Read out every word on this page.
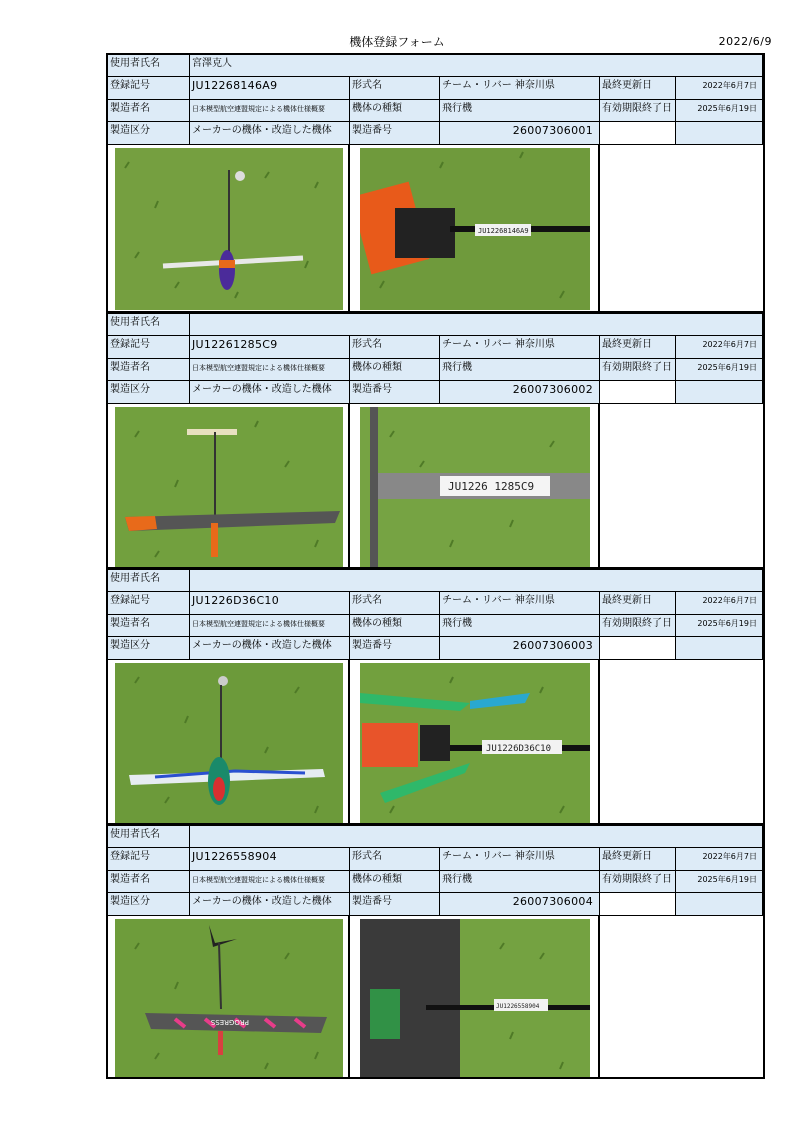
機体登録フォーム	2022/6/9
使用者氏名	宮澤克人
登録記号	JU12268146A9	形式名	チーム・リバー 神奈川県	最終更新日	2022年6月7日
製造者名	日本模型航空連盟規定による機体仕様概要	機体の種類	飛行機	有効期限終了日	2025年6月19日
製造区分	メーカーの機体・改造した機体	製造番号	26007306001
JU12268146A9
使用者氏名
登録記号	JU12261285C9	形式名	チーム・リバー 神奈川県	最終更新日	2022年6月7日
製造者名	日本模型航空連盟規定による機体仕様概要	機体の種類	飛行機	有効期限終了日	2025年6月19日
製造区分	メーカーの機体・改造した機体	製造番号	26007306002
JU1226 1285C9
使用者氏名
登録記号	JU1226D36C10	形式名	チーム・リバー 神奈川県	最終更新日	2022年6月7日
製造者名	日本模型航空連盟規定による機体仕様概要	機体の種類	飛行機	有効期限終了日	2025年6月19日
製造区分	メーカーの機体・改造した機体	製造番号	26007306003
JU1226D36C10
使用者氏名
登録記号	JU1226558904	形式名	チーム・リバー 神奈川県	最終更新日	2022年6月7日
製造者名	日本模型航空連盟規定による機体仕様概要	機体の種類	飛行機	有効期限終了日	2025年6月19日
製造区分	メーカーの機体・改造した機体	製造番号	26007306004
PROGRESS
JU1226558904
